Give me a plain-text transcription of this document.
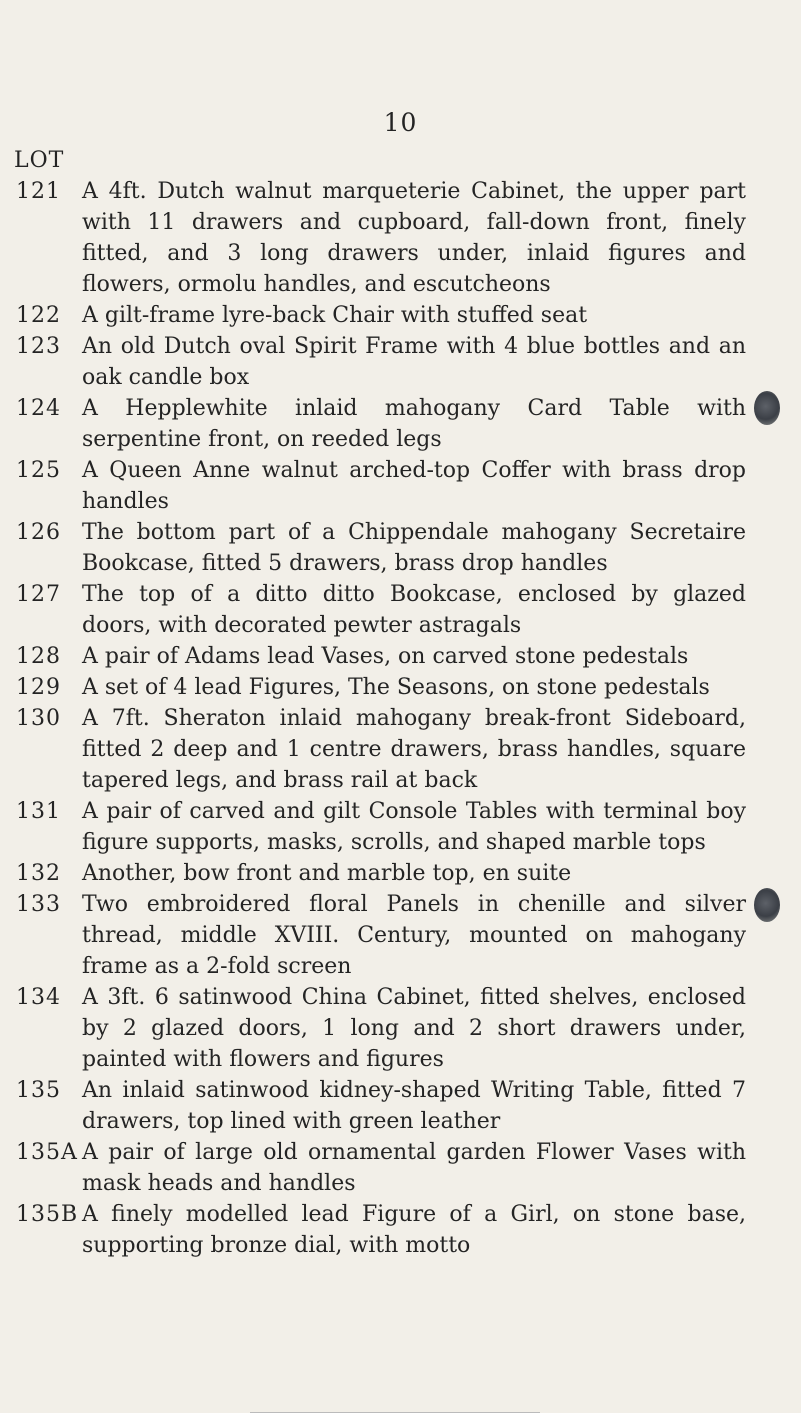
10
LOT
121 A 4ft. Dutch walnut marqueterie Cabinet, the upper part with 11 drawers and cupboard, fall-down front, finely fitted, and 3 long drawers under, inlaid figures and flowers, ormolu handles, and escutcheons
122 A gilt-frame lyre-back Chair with stuffed seat
123 An old Dutch oval Spirit Frame with 4 blue bottles and an oak candle box
124 A Hepplewhite inlaid mahogany Card Table with serpentine front, on reeded legs
125 A Queen Anne walnut arched-top Coffer with brass drop handles
126 The bottom part of a Chippendale mahogany Secretaire Bookcase, fitted 5 drawers, brass drop handles
127 The top of a ditto ditto Bookcase, enclosed by glazed doors, with decorated pewter astragals
128 A pair of Adams lead Vases, on carved stone pedestals
129 A set of 4 lead Figures, The Seasons, on stone pedestals
130 A 7ft. Sheraton inlaid mahogany break-front Sideboard, fitted 2 deep and 1 centre drawers, brass handles, square tapered legs, and brass rail at back
131 A pair of carved and gilt Console Tables with terminal boy figure supports, masks, scrolls, and shaped marble tops
132 Another, bow front and marble top, en suite
133 Two embroidered floral Panels in chenille and silver thread, middle XVIII. Century, mounted on mahogany frame as a 2-fold screen
134 A 3ft. 6 satinwood China Cabinet, fitted shelves, enclosed by 2 glazed doors, 1 long and 2 short drawers under, painted with flowers and figures
135 An inlaid satinwood kidney-shaped Writing Table, fitted 7 drawers, top lined with green leather
135A A pair of large old ornamental garden Flower Vases with mask heads and handles
135B A finely modelled lead Figure of a Girl, on stone base, supporting bronze dial, with motto
